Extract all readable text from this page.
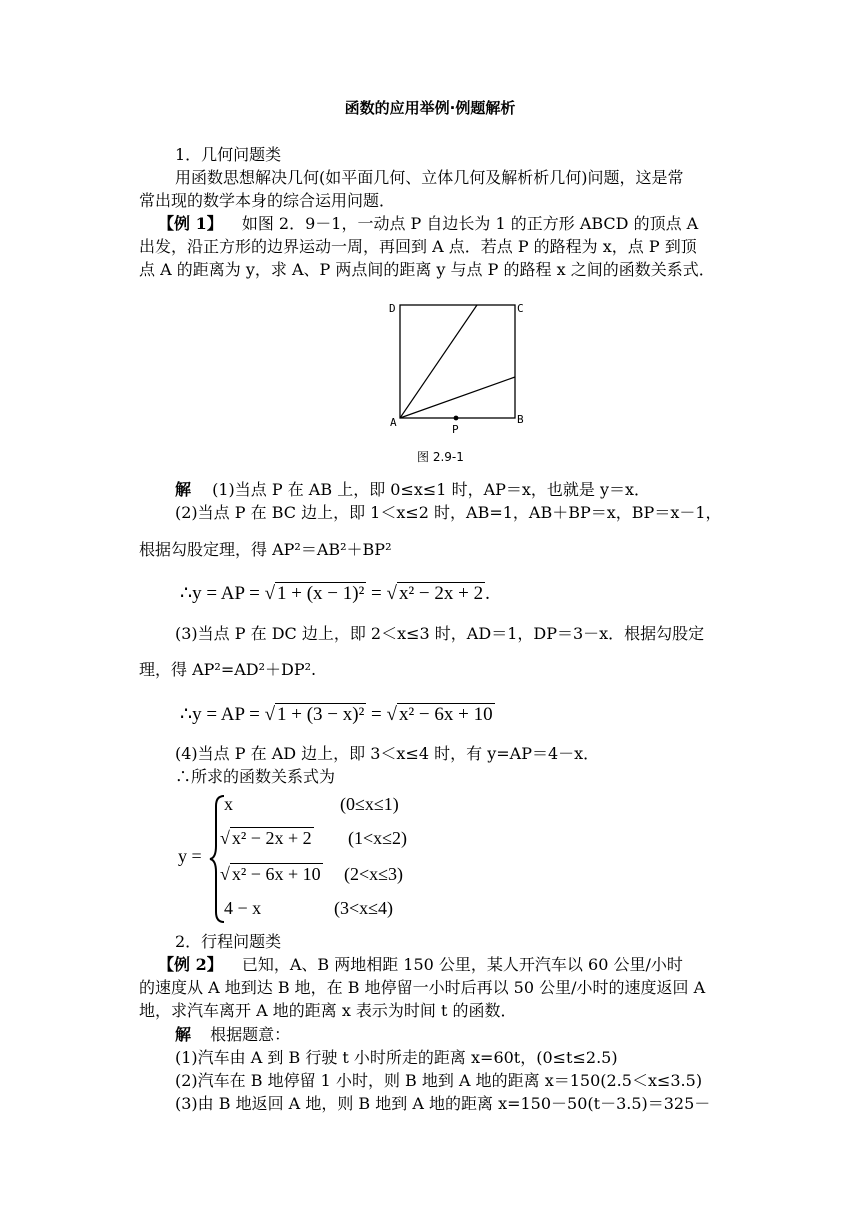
函数的应用举例·例题解析
1．几何问题类
用函数思想解决几何(如平面几何、立体几何及解析析几何)问题，这是常
常出现的数学本身的综合运用问题．
【例 1】 如图 2．9－1，一动点 P 自边长为 1 的正方形 ABCD 的顶点 A
出发，沿正方形的边界运动一周，再回到 A 点．若点 P 的路程为 x，点 P 到顶
点 A 的距离为 y，求 A、P 两点间的距离 y 与点 P 的路程 x 之间的函数关系式．
D	C
A	B
P
图 2.9-1
解 (1)当点 P 在 AB 上，即 0≤x≤1 时，AP＝x，也就是 y＝x．
(2)当点 P 在 BC 边上，即 1＜x≤2 时，AB=1，AB＋BP＝x，BP＝x－1，
根据勾股定理，得 AP²＝AB²＋BP²
∴y = AP = √ 1 + (x − 1)² = √ x² − 2x + 2 .
(3)当点 P 在 DC 边上，即 2＜x≤3 时，AD＝1，DP＝3－x．根据勾股定
理，得 AP²=AD²＋DP².
∴y = AP = √ 1 + (3 − x)² = √ x² − 6x + 10
(4)当点 P 在 AD 边上，即 3＜x≤4 时，有 y=AP＝4－x．
∴所求的函数关系式为
y =
x	(0≤x≤1)
√ x² − 2x + 2 (1<x≤2)
√ x² − 6x + 10 (2<x≤3)
4 − x	(3<x≤4)
2．行程问题类
【例 2】 已知，A、B 两地相距 150 公里，某人开汽车以 60 公里/小时
的速度从 A 地到达 B 地，在 B 地停留一小时后再以 50 公里/小时的速度返回 A
地，求汽车离开 A 地的距离 x 表示为时间 t 的函数．
解 根据题意：
(1)汽车由 A 到 B 行驶 t 小时所走的距离 x=60t，(0≤t≤2.5)
(2)汽车在 B 地停留 1 小时，则 B 地到 A 地的距离 x＝150(2.5＜x≤3.5)
(3)由 B 地返回 A 地，则 B 地到 A 地的距离 x=150－50(t－3.5)＝325－
